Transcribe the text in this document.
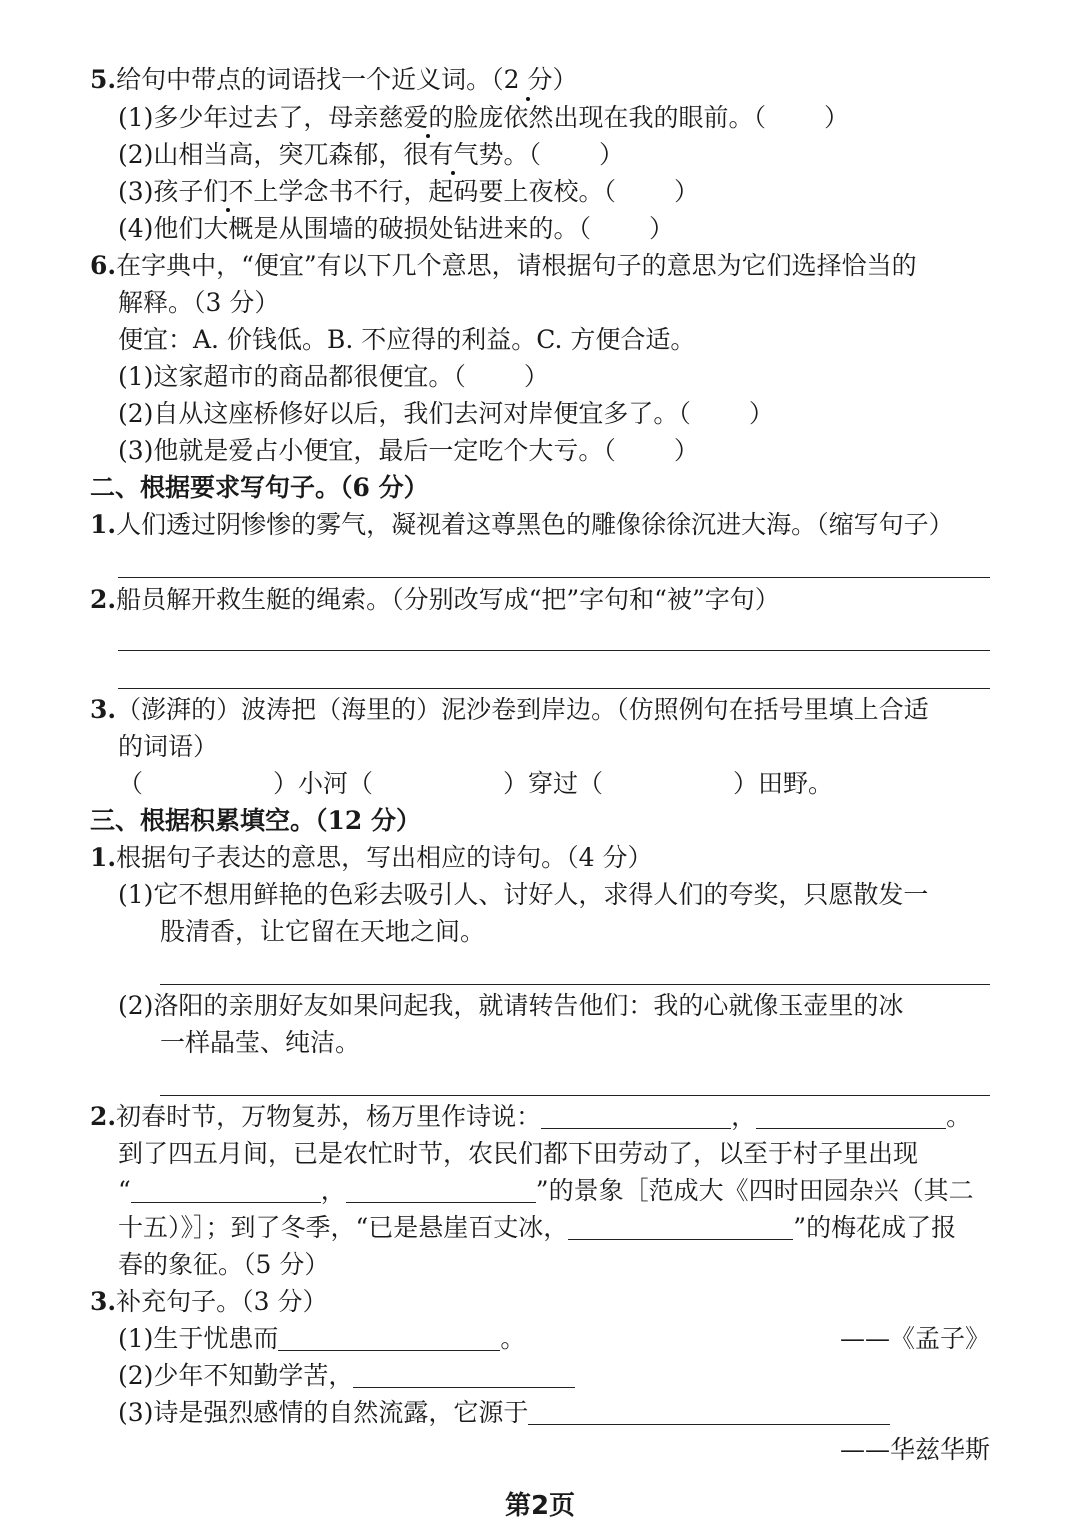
5.给句中带点的词语找一个近义词。（2 分）
(1)多少年过去了，母亲慈爱的脸庞依然出现在我的眼前。（ ）
(2)山相当高，突兀森郁，很有气势。（ ）
(3)孩子们不上学念书不行，起码要上夜校。（ ）
(4)他们大概是从围墙的破损处钻进来的。（ ）
6.在字典中，“便宜”有以下几个意思，请根据句子的意思为它们选择恰当的
解释。（3 分）
便宜：A. 价钱低。B. 不应得的利益。C. 方便合适。
(1)这家超市的商品都很便宜。（ ）
(2)自从这座桥修好以后，我们去河对岸便宜多了。（ ）
(3)他就是爱占小便宜，最后一定吃个大亏。（ ）
二、根据要求写句子。（6 分）
1.人们透过阴惨惨的雾气，凝视着这尊黑色的雕像徐徐沉进大海。（缩写句子）
2.船员解开救生艇的绳索。（分别改写成“把”字句和“被”字句）
3.（澎湃的）波涛把（海里的）泥沙卷到岸边。（仿照例句在括号里填上合适
的词语）
（	）小河（	）穿过（	）田野。
三、根据积累填空。（12 分）
1.根据句子表达的意思，写出相应的诗句。（4 分）
(1)它不想用鲜艳的色彩去吸引人、讨好人，求得人们的夸奖，只愿散发一
股清香，让它留在天地之间。
(2)洛阳的亲朋好友如果问起我，就请转告他们：我的心就像玉壶里的冰
一样晶莹、纯洁。
2.初春时节，万物复苏，杨万里作诗说：	，	。
到了四五月间，已是农忙时节，农民们都下田劳动了，以至于村子里出现
“	，	”的景象［范成大《四时田园杂兴（其二
十五）》］；到了冬季，“已是悬崖百丈冰，	”的梅花成了报
春的象征。（5 分）
3.补充句子。（3 分）
(1)生于忧患而	。	——《孟子》
(2)少年不知勤学苦，
(3)诗是强烈感情的自然流露，它源于
——华兹华斯
第2页
